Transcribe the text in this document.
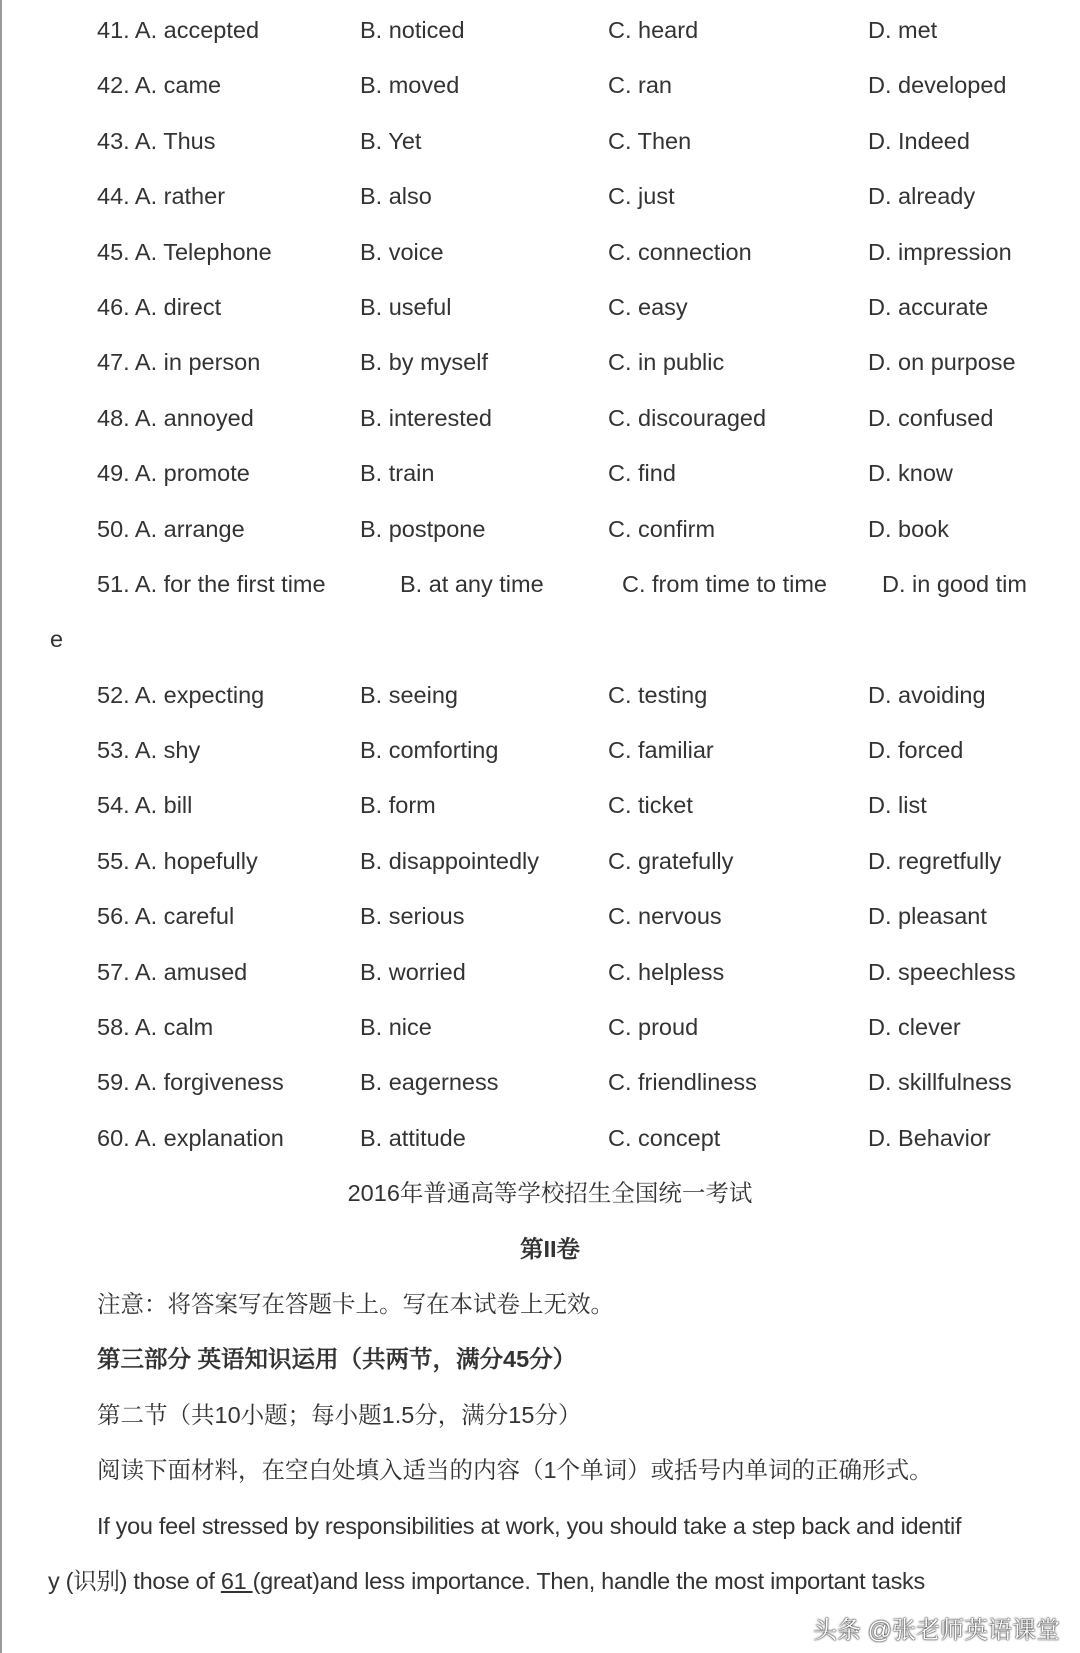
41. A. accepted	B. noticed	C. heard	D. met
42. A. came	B. moved	C. ran	D. developed
43. A. Thus	B. Yet	C. Then	D. Indeed
44. A. rather	B. also	C. just	D. already
45. A. Telephone	B. voice	C. connection	D. impression
46. A. direct	B. useful	C. easy	D. accurate
47. A. in person	B. by myself	C. in public	D. on purpose
48. A. annoyed	B. interested	C. discouraged	D. confused
49. A. promote	B. train	C. find	D. know
50. A. arrange	B. postpone	C. confirm	D. book
51. A. for the first time	B. at any time	C. from time to time D. in good tim
e
52. A. expecting	B. seeing	C. testing	D. avoiding
53. A. shy	B. comforting	C. familiar	D. forced
54. A. bill	B. form	C. ticket	D. list
55. A. hopefully	B. disappointedly	C. gratefully	D. regretfully
56. A. careful	B. serious	C. nervous	D. pleasant
57. A. amused	B. worried	C. helpless	D. speechless
58. A. calm	B. nice	C. proud	D. clever
59. A. forgiveness	B. eagerness	C. friendliness	D. skillfulness
60. A. explanation	B. attitude	C. concept	D. Behavior
2016年普通高等学校招生全国统一考试
第II卷
注意：将答案写在答题卡上。写在本试卷上无效。
第三部分 英语知识运用（共两节，满分45分）
第二节（共10小题；每小题1.5分，满分15分）
阅读下面材料，在空白处填入适当的内容（1个单词）或括号内单词的正确形式。
If you feel stressed by responsibilities at work, you should take a step back and identif
y (识别) those of 61 (great)and less importance. Then, handle the most important tasks
头条 @张老师英语课堂
